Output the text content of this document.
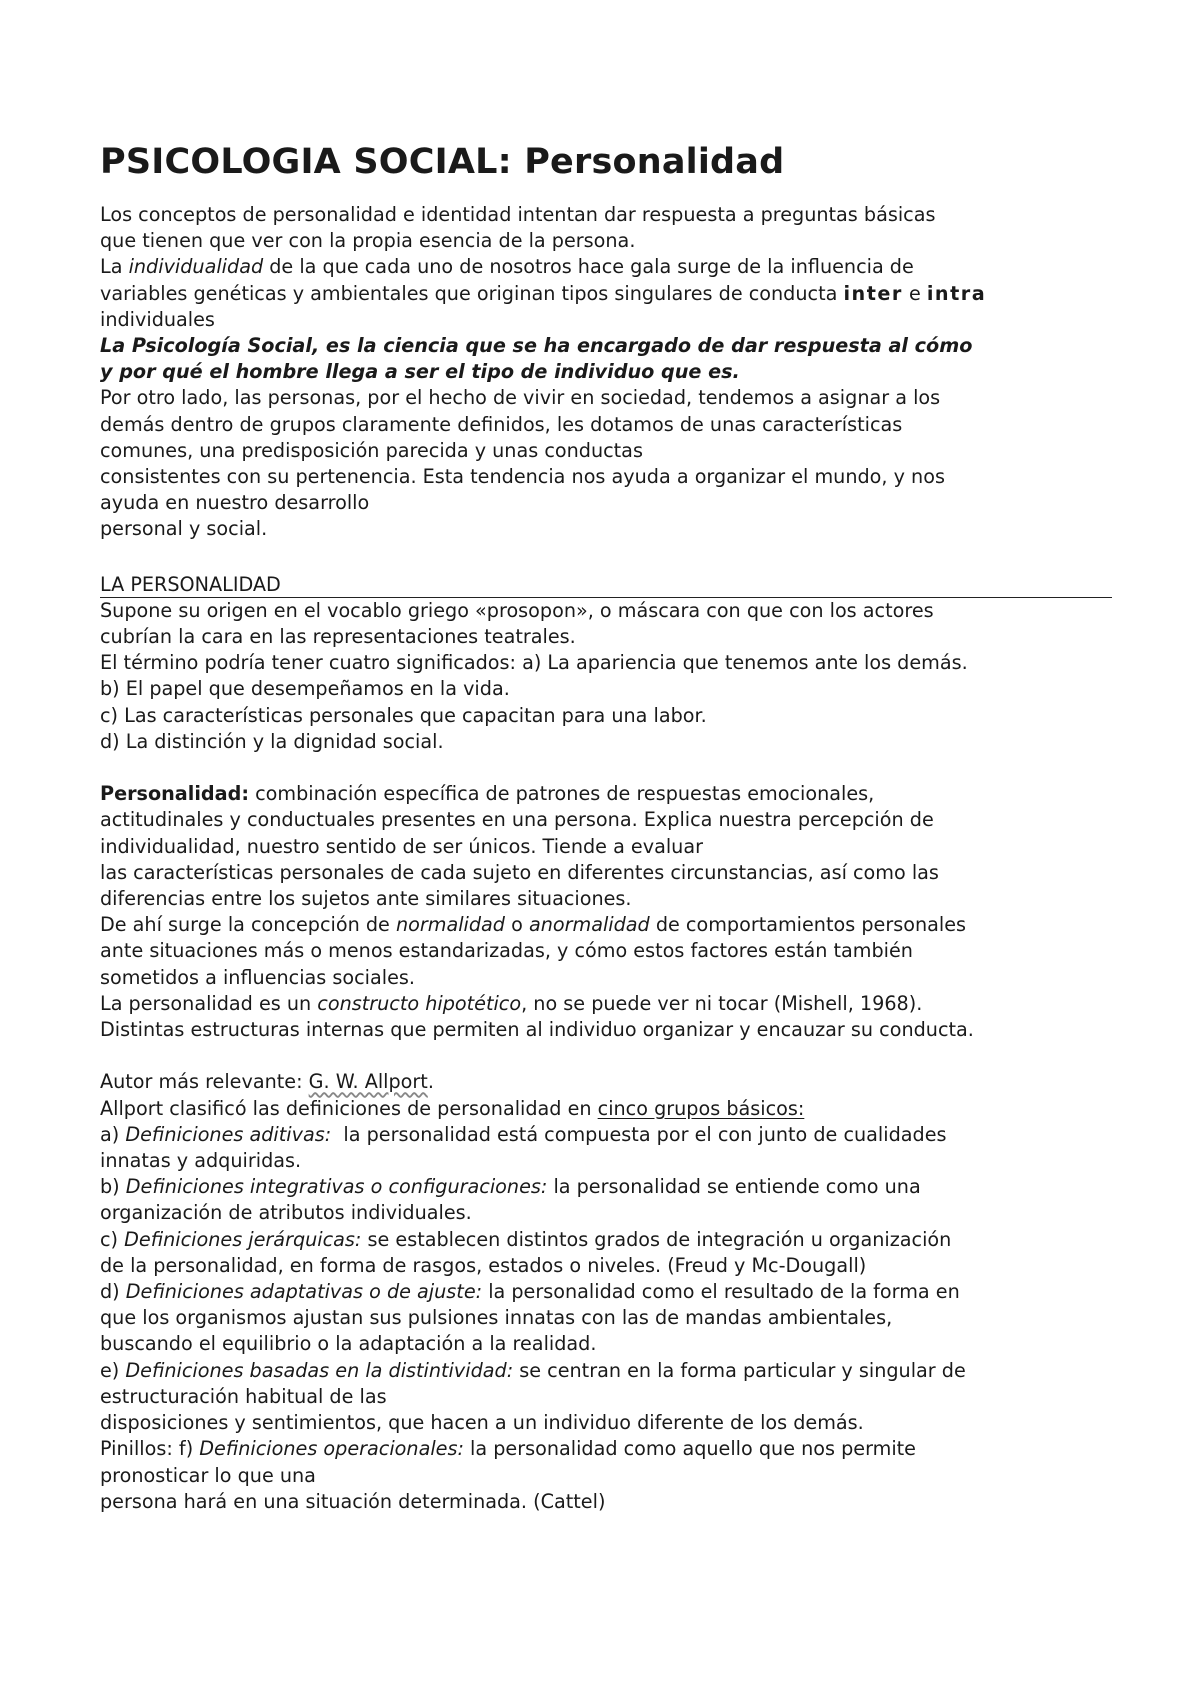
PSICOLOGIA SOCIAL: Personalidad
Los conceptos de personalidad e identidad intentan dar respuesta a preguntas básicas
que tienen que ver con la propia esencia de la persona.
La individualidad de la que cada uno de nosotros hace gala surge de la influencia de
variables genéticas y ambientales que originan tipos singulares de conducta inter e intra
individuales
La Psicología Social, es la ciencia que se ha encargado de dar respuesta al cómo
y por qué el hombre llega a ser el tipo de individuo que es.
Por otro lado, las personas, por el hecho de vivir en sociedad, tendemos a asignar a los
demás dentro de grupos claramente definidos, les dotamos de unas características
comunes, una predisposición parecida y unas conductas
consistentes con su pertenencia. Esta tendencia nos ayuda a organizar el mundo, y nos
ayuda en nuestro desarrollo
personal y social.
LA PERSONALIDAD
Supone su origen en el vocablo griego «prosopon», o máscara con que con los actores
cubrían la cara en las representaciones teatrales.
El término podría tener cuatro significados: a) La apariencia que tenemos ante los demás.
b) El papel que desempeñamos en la vida.
c) Las características personales que capacitan para una labor.
d) La distinción y la dignidad social.
Personalidad: combinación específica de patrones de respuestas emocionales,
actitudinales y conductuales presentes en una persona. Explica nuestra percepción de
individualidad, nuestro sentido de ser únicos. Tiende a evaluar
las características personales de cada sujeto en diferentes circunstancias, así como las
diferencias entre los sujetos ante similares situaciones.
De ahí surge la concepción de normalidad o anormalidad de comportamientos personales
ante situaciones más o menos estandarizadas, y cómo estos factores están también
sometidos a influencias sociales.
La personalidad es un constructo hipotético, no se puede ver ni tocar (Mishell, 1968).
Distintas estructuras internas que permiten al individuo organizar y encauzar su conducta.
Autor más relevante: G. W. Allport.
Allport clasificó las definiciones de personalidad en cinco grupos básicos:
a) Definiciones aditivas:  la personalidad está compuesta por el con junto de cualidades
innatas y adquiridas.
b) Definiciones integrativas o configuraciones: la personalidad se entiende como una
organización de atributos individuales.
c) Definiciones jerárquicas: se establecen distintos grados de integración u organización
de la personalidad, en forma de rasgos, estados o niveles. (Freud y Mc-Dougall)
d) Definiciones adaptativas o de ajuste: la personalidad como el resultado de la forma en
que los organismos ajustan sus pulsiones innatas con las de mandas ambientales,
buscando el equilibrio o la adaptación a la realidad.
e) Definiciones basadas en la distintividad: se centran en la forma particular y singular de
estructuración habitual de las
disposiciones y sentimientos, que hacen a un individuo diferente de los demás.
Pinillos: f) Definiciones operacionales: la personalidad como aquello que nos permite
pronosticar lo que una
persona hará en una situación determinada. (Cattel)
